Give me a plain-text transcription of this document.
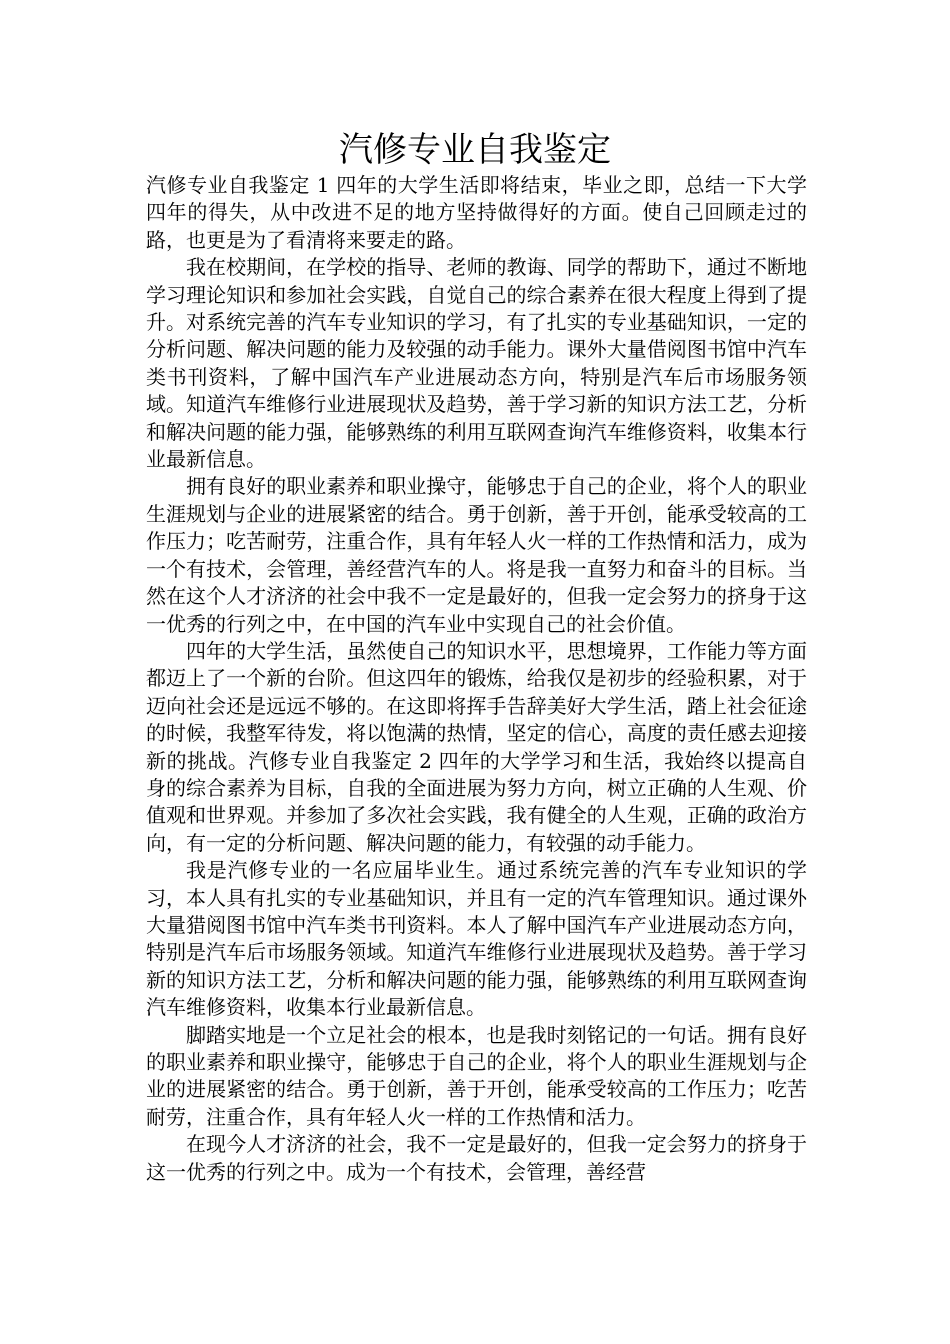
汽修专业自我鉴定

汽修专业自我鉴定 1 四年的大学生活即将结束，毕业之即，总结一下大学四年的得失，从中改进不足的地方坚持做得好的方面。使自己回顾走过的路，也更是为了看清将来要走的路。

我在校期间，在学校的指导、老师的教诲、同学的帮助下，通过不断地学习理论知识和参加社会实践，自觉自己的综合素养在很大程度上得到了提升。对系统完善的汽车专业知识的学习，有了扎实的专业基础知识，一定的分析问题、解决问题的能力及较强的动手能力。课外大量借阅图书馆中汽车类书刊资料，了解中国汽车产业进展动态方向，特别是汽车后市场服务领域。知道汽车维修行业进展现状及趋势，善于学习新的知识方法工艺，分析和解决问题的能力强，能够熟练的利用互联网查询汽车维修资料，收集本行业最新信息。

拥有良好的职业素养和职业操守，能够忠于自己的企业，将个人的职业生涯规划与企业的进展紧密的结合。勇于创新，善于开创，能承受较高的工作压力；吃苦耐劳，注重合作，具有年轻人火一样的工作热情和活力，成为一个有技术，会管理，善经营汽车的人。将是我一直努力和奋斗的目标。当然在这个人才济济的社会中我不一定是最好的，但我一定会努力的挤身于这一优秀的行列之中，在中国的汽车业中实现自己的社会价值。

四年的大学生活，虽然使自己的知识水平，思想境界，工作能力等方面都迈上了一个新的台阶。但这四年的锻炼，给我仅是初步的经验积累，对于迈向社会还是远远不够的。在这即将挥手告辞美好大学生活，踏上社会征途的时候，我整军待发，将以饱满的热情，坚定的信心，高度的责任感去迎接新的挑战。汽修专业自我鉴定 2 四年的大学学习和生活，我始终以提高自身的综合素养为目标，自我的全面进展为努力方向，树立正确的人生观、价值观和世界观。并参加了多次社会实践，我有健全的人生观，正确的政治方向，有一定的分析问题、解决问题的能力，有较强的动手能力。

我是汽修专业的一名应届毕业生。通过系统完善的汽车专业知识的学习，本人具有扎实的专业基础知识，并且有一定的汽车管理知识。通过课外大量猎阅图书馆中汽车类书刊资料。本人了解中国汽车产业进展动态方向，特别是汽车后市场服务领域。知道汽车维修行业进展现状及趋势。善于学习新的知识方法工艺，分析和解决问题的能力强，能够熟练的利用互联网查询汽车维修资料，收集本行业最新信息。

脚踏实地是一个立足社会的根本，也是我时刻铭记的一句话。拥有良好的职业素养和职业操守，能够忠于自己的企业，将个人的职业生涯规划与企业的进展紧密的结合。勇于创新，善于开创，能承受较高的工作压力；吃苦耐劳，注重合作，具有年轻人火一样的工作热情和活力。

在现今人才济济的社会，我不一定是最好的，但我一定会努力的挤身于这一优秀的行列之中。成为一个有技术，会管理，善经营
